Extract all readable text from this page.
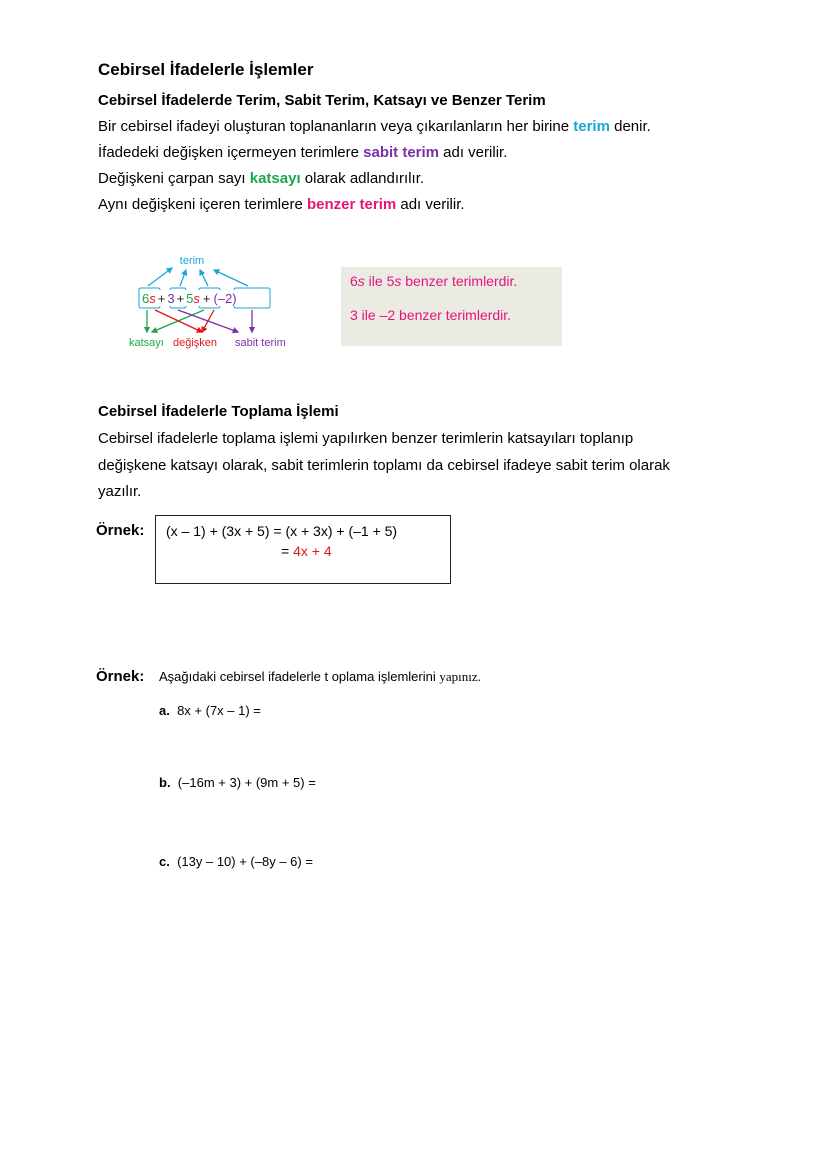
Cebirsel İfadelerle İşlemler
Cebirsel İfadelerde Terim, Sabit Terim, Katsayı ve Benzer Terim
Bir cebirsel ifadeyi oluşturan toplananların veya çıkarılanların her birine terim denir.
İfadedeki değişken içermeyen terimlere sabit terim adı verilir.
Değişkeni çarpan sayı katsayı olarak adlandırılır.
Aynı değişkeni içeren terimlere benzer terim adı verilir.
terim
6s + 3 + 5s + (–2)
katsayı değişken sabit terim
6s ile 5s benzer terimlerdir.
3 ile –2 benzer terimlerdir.
Cebirsel İfadelerle Toplama İşlemi
Cebirsel ifadelerle toplama işlemi yapılırken benzer terimlerin katsayıları toplanıp
değişkene katsayı olarak, sabit terimlerin toplamı da cebirsel ifadeye sabit terim olarak
yazılır.
Örnek: (x – 1) + (3x + 5) = (x + 3x) + (–1 + 5)
= 4x + 4
Örnek: Aşağıdaki cebirsel ifadelerle t oplama işlemlerini yapınız.
a. 8x + (7x – 1) =
b. (–16m + 3) + (9m + 5) =
c. (13y – 10) + (–8y – 6) =
